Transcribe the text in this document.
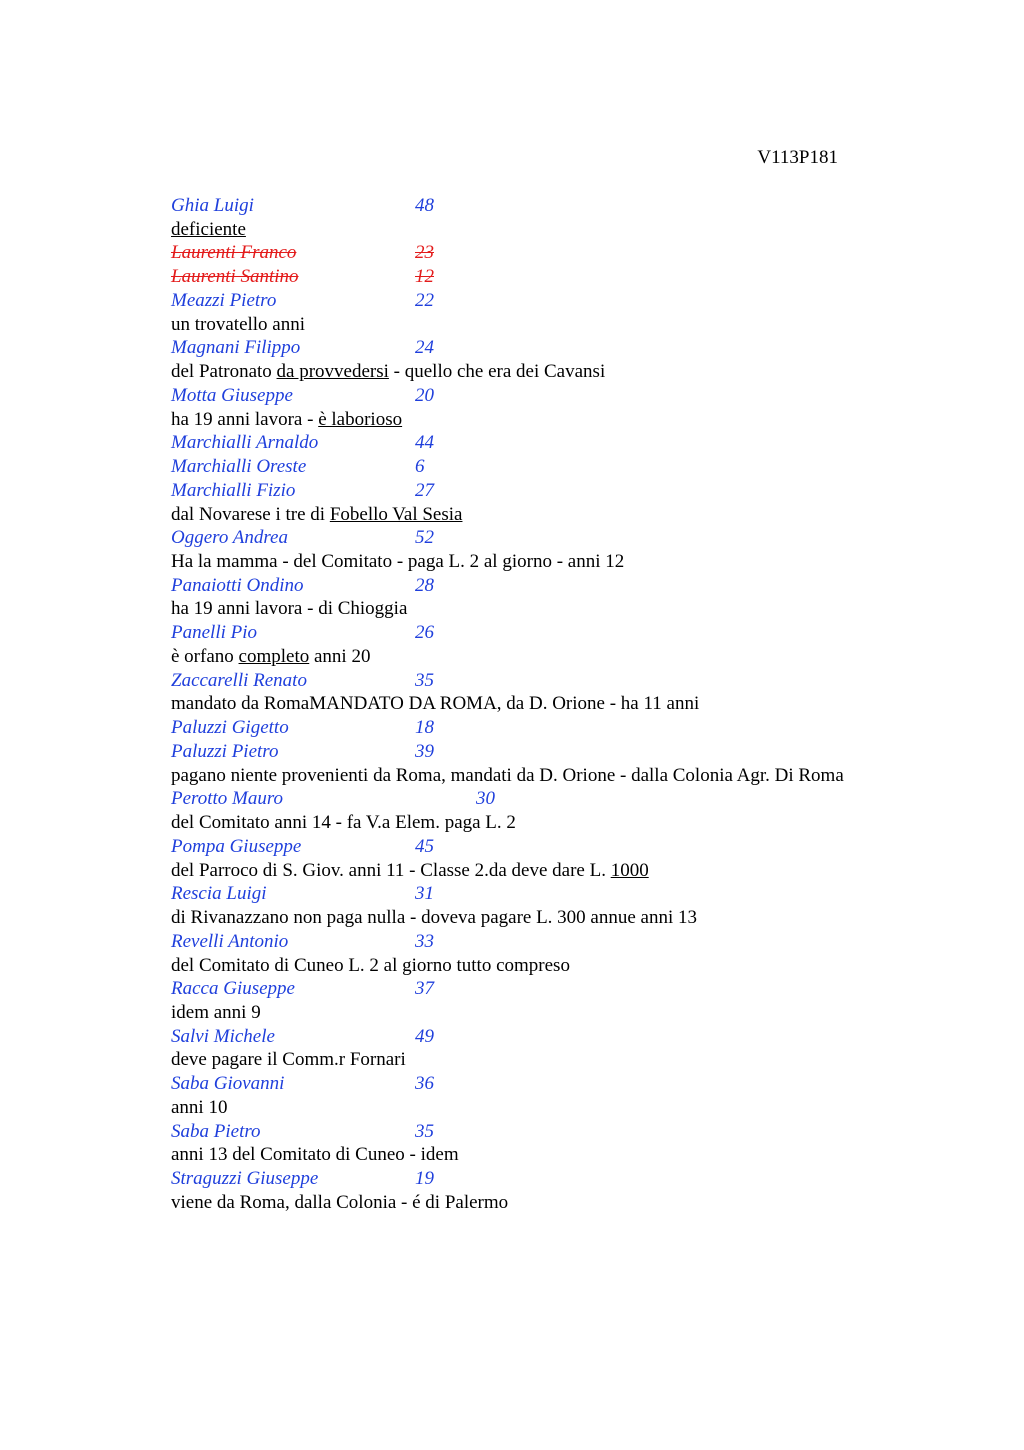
V113P181
Ghia Luigi	48
deficiente
Laurenti Franco	23
Laurenti Santino	12
Meazzi Pietro	22
un trovatello anni
Magnani Filippo	24
del Patronato da provvedersi - quello che era dei Cavansi
Motta Giuseppe	20
ha 19 anni lavora - è laborioso
Marchialli Arnaldo	44
Marchialli Oreste	6
Marchialli Fizio	27
dal Novarese i tre di Fobello Val Sesia
Oggero Andrea	52
Ha la mamma - del Comitato - paga L. 2 al giorno - anni 12
Panaiotti Ondino	28
ha 19 anni lavora - di Chioggia
Panelli Pio	26
è orfano completo anni 20
Zaccarelli Renato	35
mandato da RomaMANDATO DA ROMA, da D. Orione - ha 11 anni
Paluzzi Gigetto	18
Paluzzi Pietro	39
pagano niente provenienti da Roma, mandati da D. Orione - dalla Colonia Agr. Di Roma
Perotto Mauro	30
del Comitato anni 14 - fa V.a Elem. paga L. 2
Pompa Giuseppe	45
del Parroco di S. Giov. anni 11 - Classe 2.da deve dare L. 1000
Rescia Luigi	31
di Rivanazzano non paga nulla - doveva pagare L. 300 annue anni 13
Revelli Antonio	33
del Comitato di Cuneo L. 2 al giorno tutto compreso
Racca Giuseppe	37
idem anni 9
Salvi Michele	49
deve pagare il Comm.r Fornari
Saba Giovanni	36
anni 10
Saba Pietro	35
anni 13 del Comitato di Cuneo - idem
Straguzzi Giuseppe	19
viene da Roma, dalla Colonia - é di Palermo
